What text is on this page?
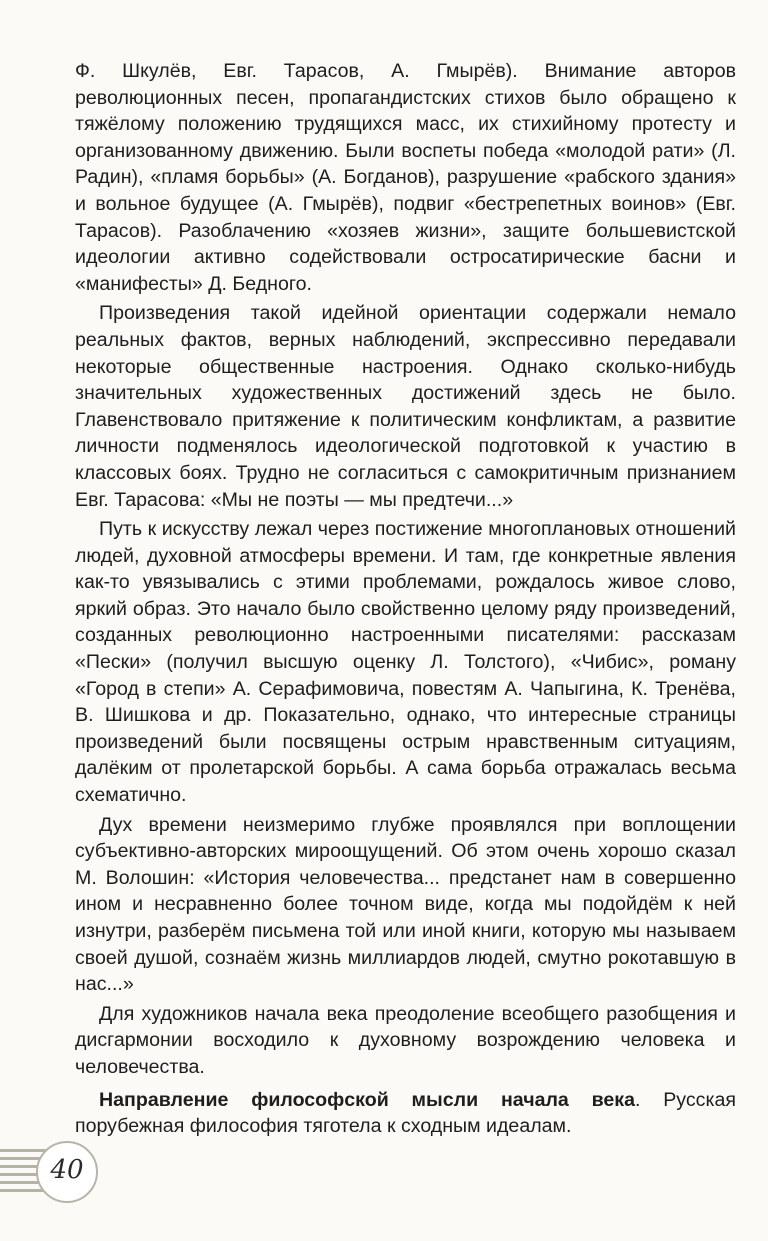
Ф. Шкулёв, Евг. Тарасов, А. Гмырёв). Внимание авторов революционных песен, пропагандистских стихов было обращено к тяжёлому положению трудящихся масс, их стихийному протесту и организованному движению. Были воспеты победа «молодой рати» (Л. Радин), «пламя борьбы» (А. Богданов), разрушение «рабского здания» и вольное будущее (А. Гмырёв), подвиг «бестрепетных воинов» (Евг. Тарасов). Разоблачению «хозяев жизни», защите большевистской идеологии активно содействовали остросатирические басни и «манифесты» Д. Бедного.

Произведения такой идейной ориентации содержали немало реальных фактов, верных наблюдений, экспрессивно передавали некоторые общественные настроения. Однако сколько-нибудь значительных художественных достижений здесь не было. Главенствовало притяжение к политическим конфликтам, а развитие личности подменялось идеологической подготовкой к участию в классовых боях. Трудно не согласиться с самокритичным признанием Евг. Тарасова: «Мы не поэты — мы предтечи...»

Путь к искусству лежал через постижение многоплановых отношений людей, духовной атмосферы времени. И там, где конкретные явления как-то увязывались с этими проблемами, рождалось живое слово, яркий образ. Это начало было свойственно целому ряду произведений, созданных революционно настроенными писателями: рассказам «Пески» (получил высшую оценку Л. Толстого), «Чибис», роману «Город в степи» А. Серафимовича, повестям А. Чапыгина, К. Тренёва, В. Шишкова и др. Показательно, однако, что интересные страницы произведений были посвящены острым нравственным ситуациям, далёким от пролетарской борьбы. А сама борьба отражалась весьма схематично.

Дух времени неизмеримо глубже проявлялся при воплощении субъективно-авторских мироощущений. Об этом очень хорошо сказал М. Волошин: «История человечества... предстанет нам в совершенно ином и несравненно более точном виде, когда мы подойдём к ней изнутри, разберём письмена той или иной книги, которую мы называем своей душой, сознаём жизнь миллиардов людей, смутно рокотавшую в нас...»

Для художников начала века преодоление всеобщего разобщения и дисгармонии восходило к духовному возрождению человека и человечества.

Направление философской мысли начала века. Русская порубежная философия тяготела к сходным идеалам.

40
